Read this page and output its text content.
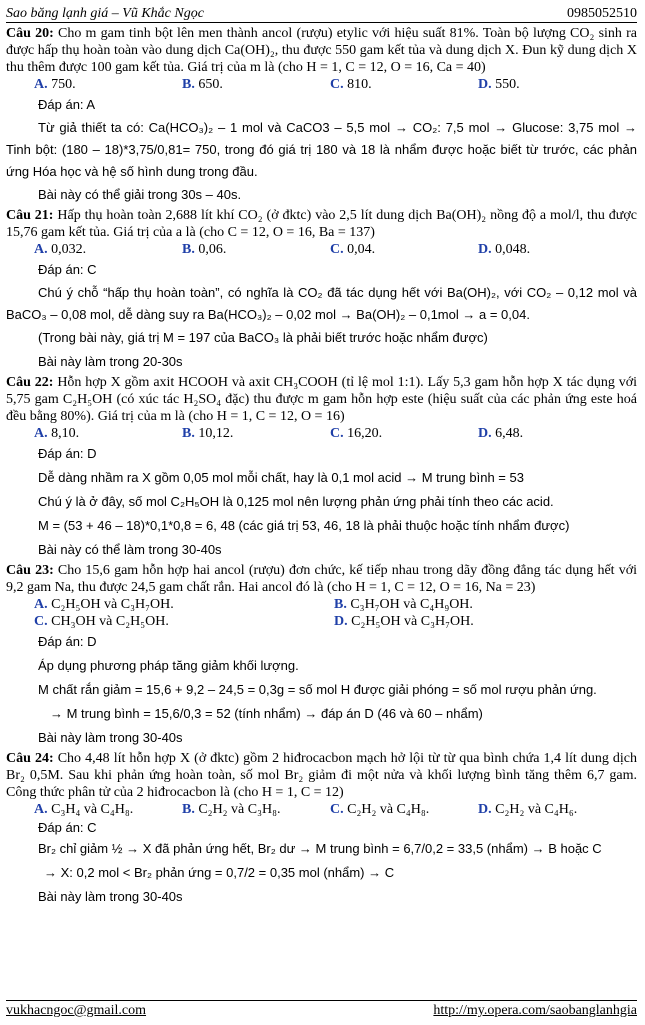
Sao băng lạnh giá – Vũ Khắc Ngọc	0985052510

Câu 20: Cho m gam tinh bột lên men thành ancol (rượu) etylic với hiệu suất 81%. Toàn bộ lượng CO₂ sinh ra được hấp thụ hoàn toàn vào dung dịch Ca(OH)₂, thu được 550 gam kết tủa và dung dịch X. Đun kỹ dung dịch X thu thêm được 100 gam kết tủa. Giá trị của m là (cho H = 1, C = 12, O = 16, Ca = 40)

A. 750.	B. 650.	C. 810.	D. 550.

Đáp án: A

Từ giả thiết ta có: Ca(HCO₃)₂ – 1 mol và CaCO3 – 5,5 mol → CO₂: 7,5 mol → Glucose: 3,75 mol → Tinh bột: (180 – 18)*3,75/0,81= 750, trong đó giá trị 180 và 18 là nhẩm được hoặc biết từ trước, các phản ứng Hóa học và hệ số hình dung trong đầu.

Bài này có thể giải trong 30s – 40s.

Câu 21: Hấp thụ hoàn toàn 2,688 lít khí CO₂ (ở đktc) vào 2,5 lít dung dịch Ba(OH)₂ nồng độ a mol/l, thu được 15,76 gam kết tủa. Giá trị của a là (cho C = 12, O = 16, Ba = 137)

A. 0,032.	B. 0,06.	C. 0,04.	D. 0,048.

Đáp án: C

Chú ý chỗ “hấp thụ hoàn toàn”, có nghĩa là CO₂ đã tác dụng hết với Ba(OH)₂, với CO₂ – 0,12 mol và BaCO₃ – 0,08 mol, dễ dàng suy ra Ba(HCO₃)₂ – 0,02 mol → Ba(OH)₂ – 0,1mol → a = 0,04.

(Trong bài này, giá trị M = 197 của BaCO₃ là phải biết trước hoặc nhẩm được)

Bài này làm trong 20-30s

Câu 22: Hỗn hợp X gồm axit HCOOH và axit CH₃COOH (tỉ lệ mol 1:1). Lấy 5,3 gam hỗn hợp X tác dụng với 5,75 gam C₂H₅OH (có xúc tác H₂SO₄ đặc) thu được m gam hỗn hợp este (hiệu suất của các phản ứng este hoá đều bằng 80%). Giá trị của m là (cho H = 1, C = 12, O = 16)

A. 8,10.	B. 10,12.	C. 16,20.	D. 6,48.

Đáp án: D

Dễ dàng nhầm ra X gồm 0,05 mol mỗi chất, hay là 0,1 mol acid → M trung bình = 53

Chú ý là ở đây, số mol C₂H₅OH là 0,125 mol nên lượng phản ứng phải tính theo các acid.

M = (53 + 46 – 18)*0,1*0,8 = 6, 48 (các giá trị 53, 46, 18 là phải thuộc hoặc tính nhẩm được)

Bài này có thể làm trong 30-40s

Câu 23: Cho 15,6 gam hỗn hợp hai ancol (rượu) đơn chức, kế tiếp nhau trong dãy đồng đẳng tác dụng hết với 9,2 gam Na, thu được 24,5 gam chất rắn. Hai ancol đó là (cho H = 1, C = 12, O = 16, Na = 23)

A. C₂H₅OH và C₃H₇OH.	B. C₃H₇OH và C₄H₉OH.
C. CH₃OH và C₂H₅OH.	D. C₂H₅OH và C₃H₇OH.

Đáp án: D

Áp dụng phương pháp tăng giảm khối lượng.

M chất rắn giảm = 15,6 + 9,2 – 24,5 = 0,3g = số mol H được giải phóng = số mol rượu phản ứng.

→ M trung bình = 15,6/0,3 = 52 (tính nhẩm) → đáp án D (46 và 60 – nhẩm)

Bài này làm trong 30-40s

Câu 24: Cho 4,48 lít hỗn hợp X (ở đktc) gồm 2 hiđrocacbon mạch hở lội từ từ qua bình chứa 1,4 lít dung dịch Br₂ 0,5M. Sau khi phản ứng hoàn toàn, số mol Br₂ giảm đi một nửa và khối lượng bình tăng thêm 6,7 gam. Công thức phân tử của 2 hiđrocacbon là (cho H = 1, C = 12)

A. C₃H₄ và C₄H₈.	B. C₂H₂ và C₃H₈.	C. C₂H₂ và C₄H₈.	D. C₂H₂ và C₄H₆.

Đáp án: C

Br₂ chỉ giảm ½ → X đã phản ứng hết, Br₂ dư → M trung bình = 6,7/0,2 = 33,5 (nhẩm) → B hoặc C

→ X: 0,2 mol < Br₂ phản ứng = 0,7/2 = 0,35 mol (nhẩm) → C

Bài này làm trong 30-40s

vukhacngoc@gmail.com	http://my.opera.com/saobanglanhgia
